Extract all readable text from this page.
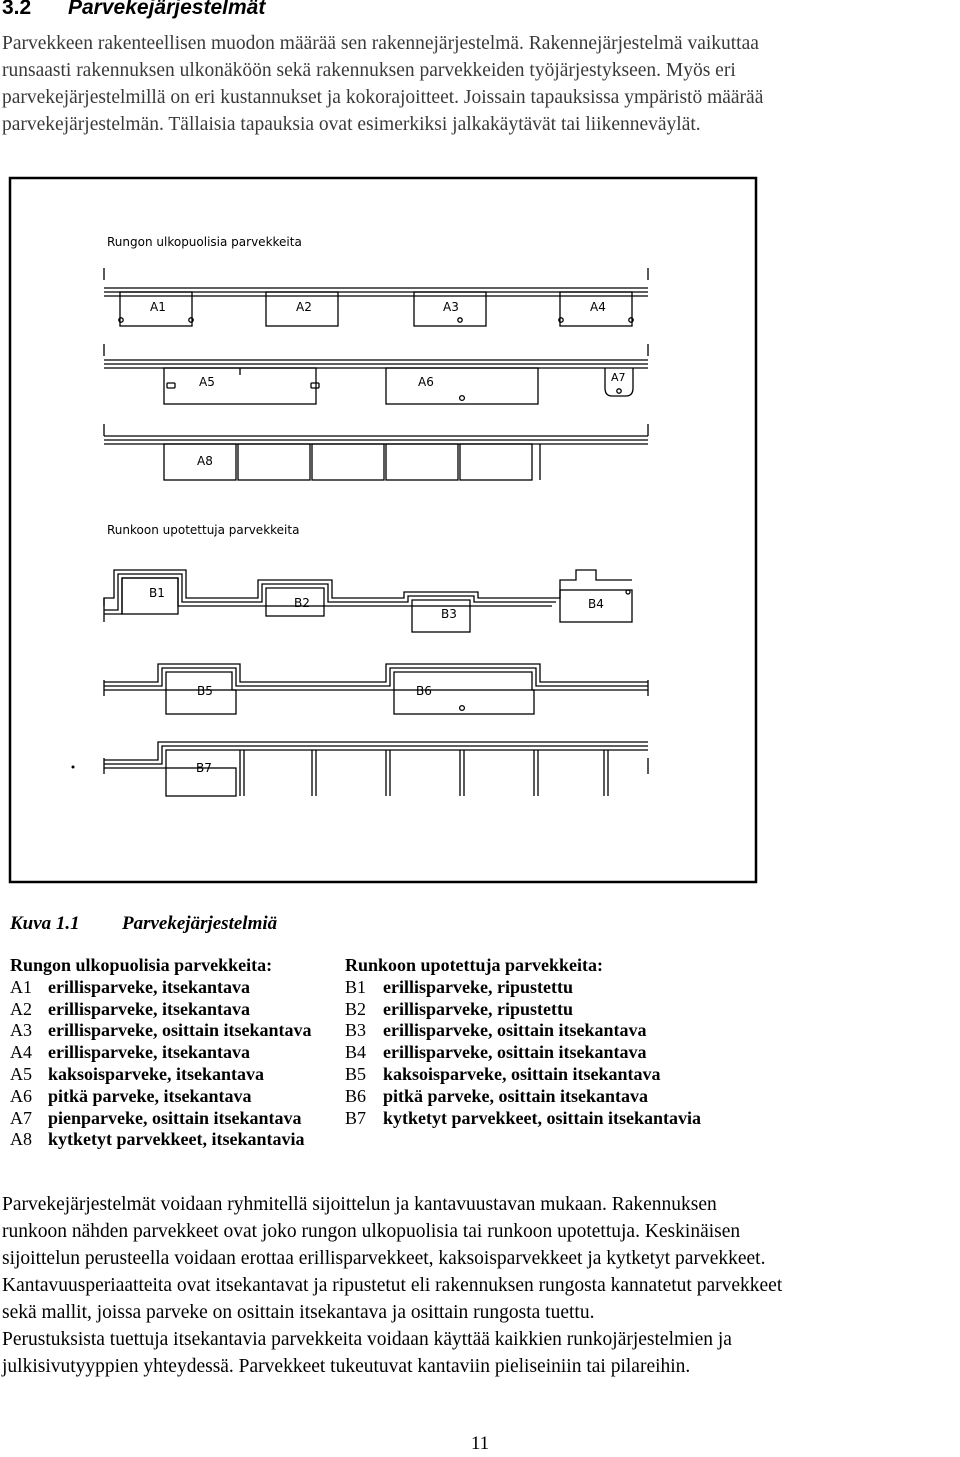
3.2 Parvekejärjestelmät
Parvekkeen rakenteellisen muodon määrää sen rakennejärjestelmä. Rakennejärjestelmä vaikuttaa
runsaasti rakennuksen ulkonäköön sekä rakennuksen parvekkeiden työjärjestykseen. Myös eri
parvekejärjestelmillä on eri kustannukset ja kokorajoitteet. Joissain tapauksissa ympäristö määrää
parvekejärjestelmän. Tällaisia tapauksia ovat esimerkiksi jalkakäytävät tai liikenneväylät.
Rungon ulkopuolisia parvekkeita
A1	A2	A3	A4
A5	A6	A7
A8
Runkoon upotettuja parvekkeita
B1
B2
B3
B4
B5	B6
B7
Kuva 1.1 Parvekejärjestelmiä
Rungon ulkopuolisia parvekkeita:
A1 erillisparveke, itsekantava
A2 erillisparveke, itsekantava
A3 erillisparveke, osittain itsekantava
A4 erillisparveke, itsekantava
A5 kaksoisparveke, itsekantava
A6 pitkä parveke, itsekantava
A7 pienparveke, osittain itsekantava
A8 kytketyt parvekkeet, itsekantavia
Runkoon upotettuja parvekkeita:
B1 erillisparveke, ripustettu
B2 erillisparveke, ripustettu
B3 erillisparveke, osittain itsekantava
B4 erillisparveke, osittain itsekantava
B5 kaksoisparveke, osittain itsekantava
B6 pitkä parveke, osittain itsekantava
B7 kytketyt parvekkeet, osittain itsekantavia
Parvekejärjestelmät voidaan ryhmitellä sijoittelun ja kantavuustavan mukaan. Rakennuksen
runkoon nähden parvekkeet ovat joko rungon ulkopuolisia tai runkoon upotettuja. Keskinäisen
sijoittelun perusteella voidaan erottaa erillisparvekkeet, kaksoisparvekkeet ja kytketyt parvekkeet.
Kantavuusperiaatteita ovat itsekantavat ja ripustetut eli rakennuksen rungosta kannatetut parvekkeet
sekä mallit, joissa parveke on osittain itsekantava ja osittain rungosta tuettu.
Perustuksista tuettuja itsekantavia parvekkeita voidaan käyttää kaikkien runkojärjestelmien ja
julkisivutyyppien yhteydessä. Parvekkeet tukeutuvat kantaviin pieliseiniin tai pilareihin.
11
